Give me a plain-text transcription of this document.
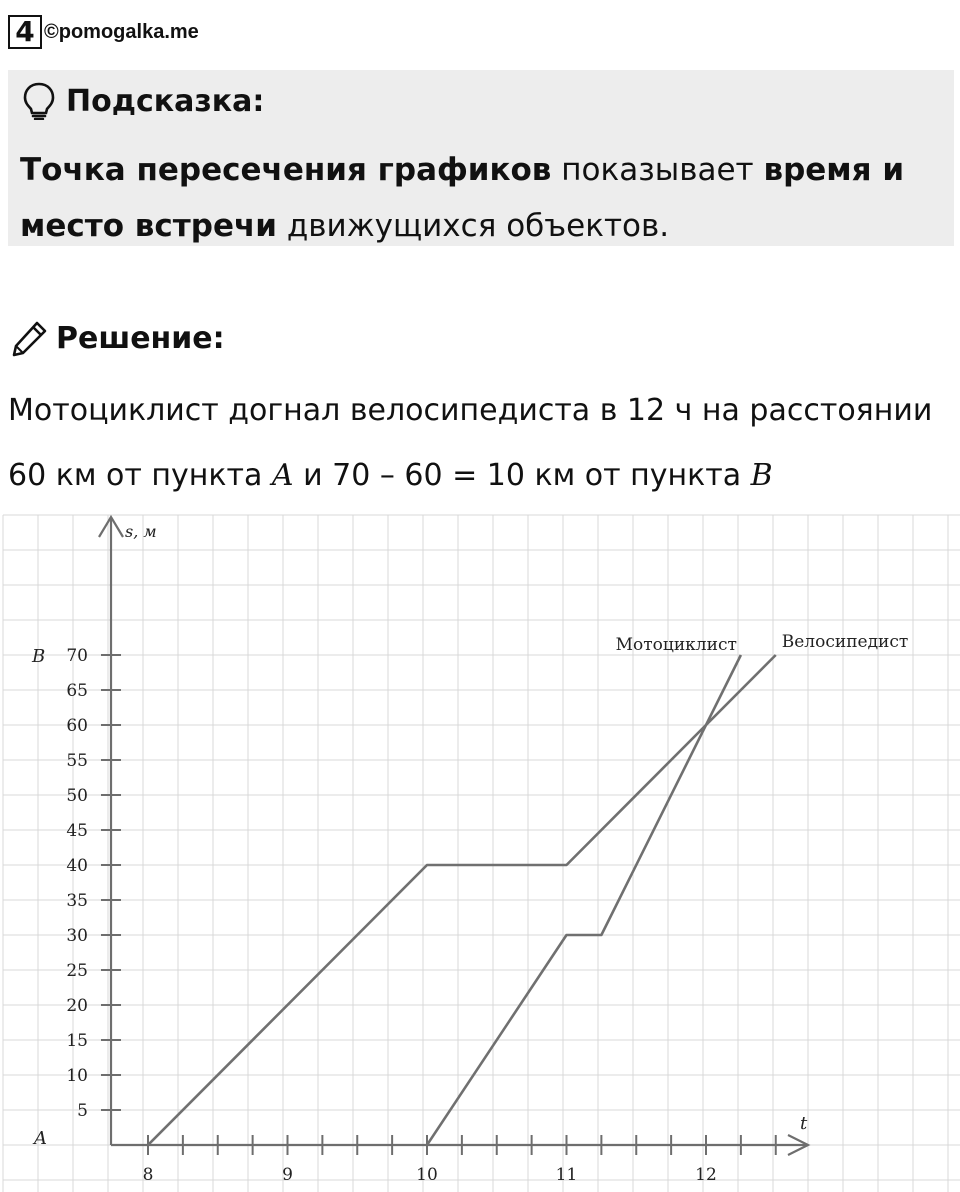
4 ©pomogalka.me
Подсказка:
Точка пересечения графиков показывает время и место встречи движущихся объектов.
Решение:
Мотоциклист догнал велосипедиста в 12 ч на расстоянии
60 км от пункта A и 70 – 60 = 10 км от пункта B
5
10
15
20
25
30
35
40
45
50
55
60
65
70
8	9	10	11	12
s, м
t
B
A
Велосипедист
Мотоциклист
